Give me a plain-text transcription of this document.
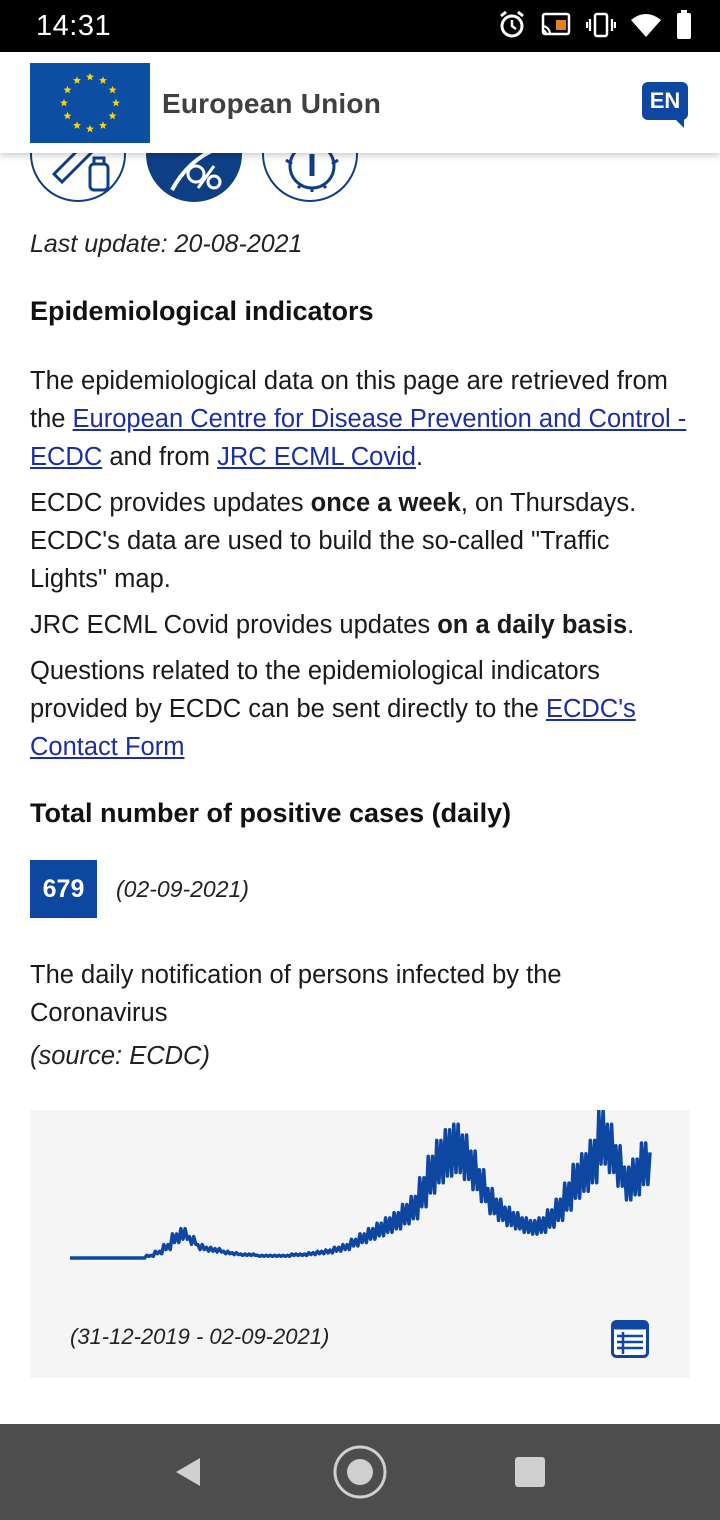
14:31
European Union	EN
Last update: 20-08-2021
Epidemiological indicators
The epidemiological data on this page are retrieved from the European Centre for Disease Prevention and Control - ECDC and from JRC ECML Covid.
ECDC provides updates once a week, on Thursdays. ECDC's data are used to build the so-called "Traffic Lights" map.
JRC ECML Covid provides updates on a daily basis.
Questions related to the epidemiological indicators provided by ECDC can be sent directly to the ECDC's Contact Form
Total number of positive cases (daily)
679	(02-09-2021)
The daily notification of persons infected by the Coronavirus
(source: ECDC)
(31-12-2019 - 02-09-2021)
